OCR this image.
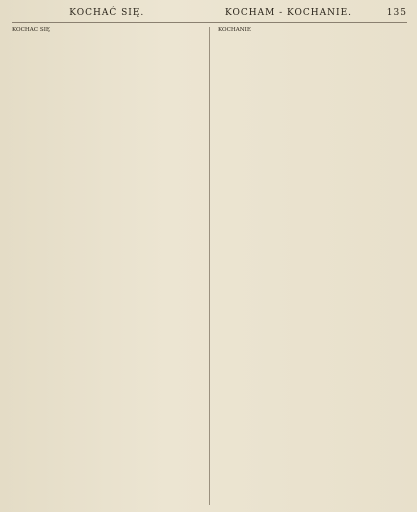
KOCHAĆ SIĘ.	KOCHAM - KOCHANIE.	135

KOCHAĆ SIĘ	KOCHANIE
